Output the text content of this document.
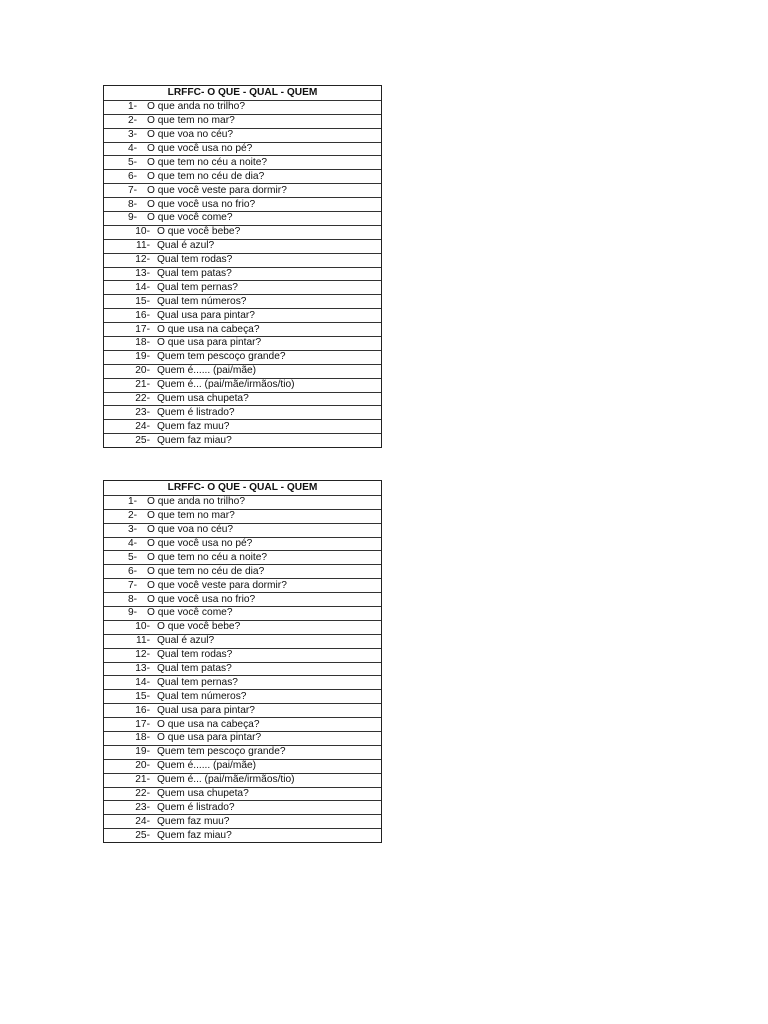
LRFFC- O QUE - QUAL - QUEM
1- O que anda no trilho?
2- O que tem no mar?
3- O que voa no céu?
4- O que você usa no pé?
5- O que tem no céu a noite?
6- O que tem no céu de dia?
7- O que você veste para dormir?
8- O que você usa no frio?
9- O que você come?
10- O que você bebe?
11- Qual é azul?
12- Qual tem rodas?
13- Qual tem patas?
14- Qual tem pernas?
15- Qual tem números?
16- Qual usa para pintar?
17- O que usa na cabeça?
18- O que usa para pintar?
19- Quem tem pescoço grande?
20- Quem é...... (pai/mãe)
21- Quem é... (pai/mãe/irmãos/tio)
22- Quem usa chupeta?
23- Quem é listrado?
24- Quem faz muu?
25- Quem faz miau?
LRFFC- O QUE - QUAL - QUEM
1- O que anda no trilho?
2- O que tem no mar?
3- O que voa no céu?
4- O que você usa no pé?
5- O que tem no céu a noite?
6- O que tem no céu de dia?
7- O que você veste para dormir?
8- O que você usa no frio?
9- O que você come?
10- O que você bebe?
11- Qual é azul?
12- Qual tem rodas?
13- Qual tem patas?
14- Qual tem pernas?
15- Qual tem números?
16- Qual usa para pintar?
17- O que usa na cabeça?
18- O que usa para pintar?
19- Quem tem pescoço grande?
20- Quem é...... (pai/mãe)
21- Quem é... (pai/mãe/irmãos/tio)
22- Quem usa chupeta?
23- Quem é listrado?
24- Quem faz muu?
25- Quem faz miau?
